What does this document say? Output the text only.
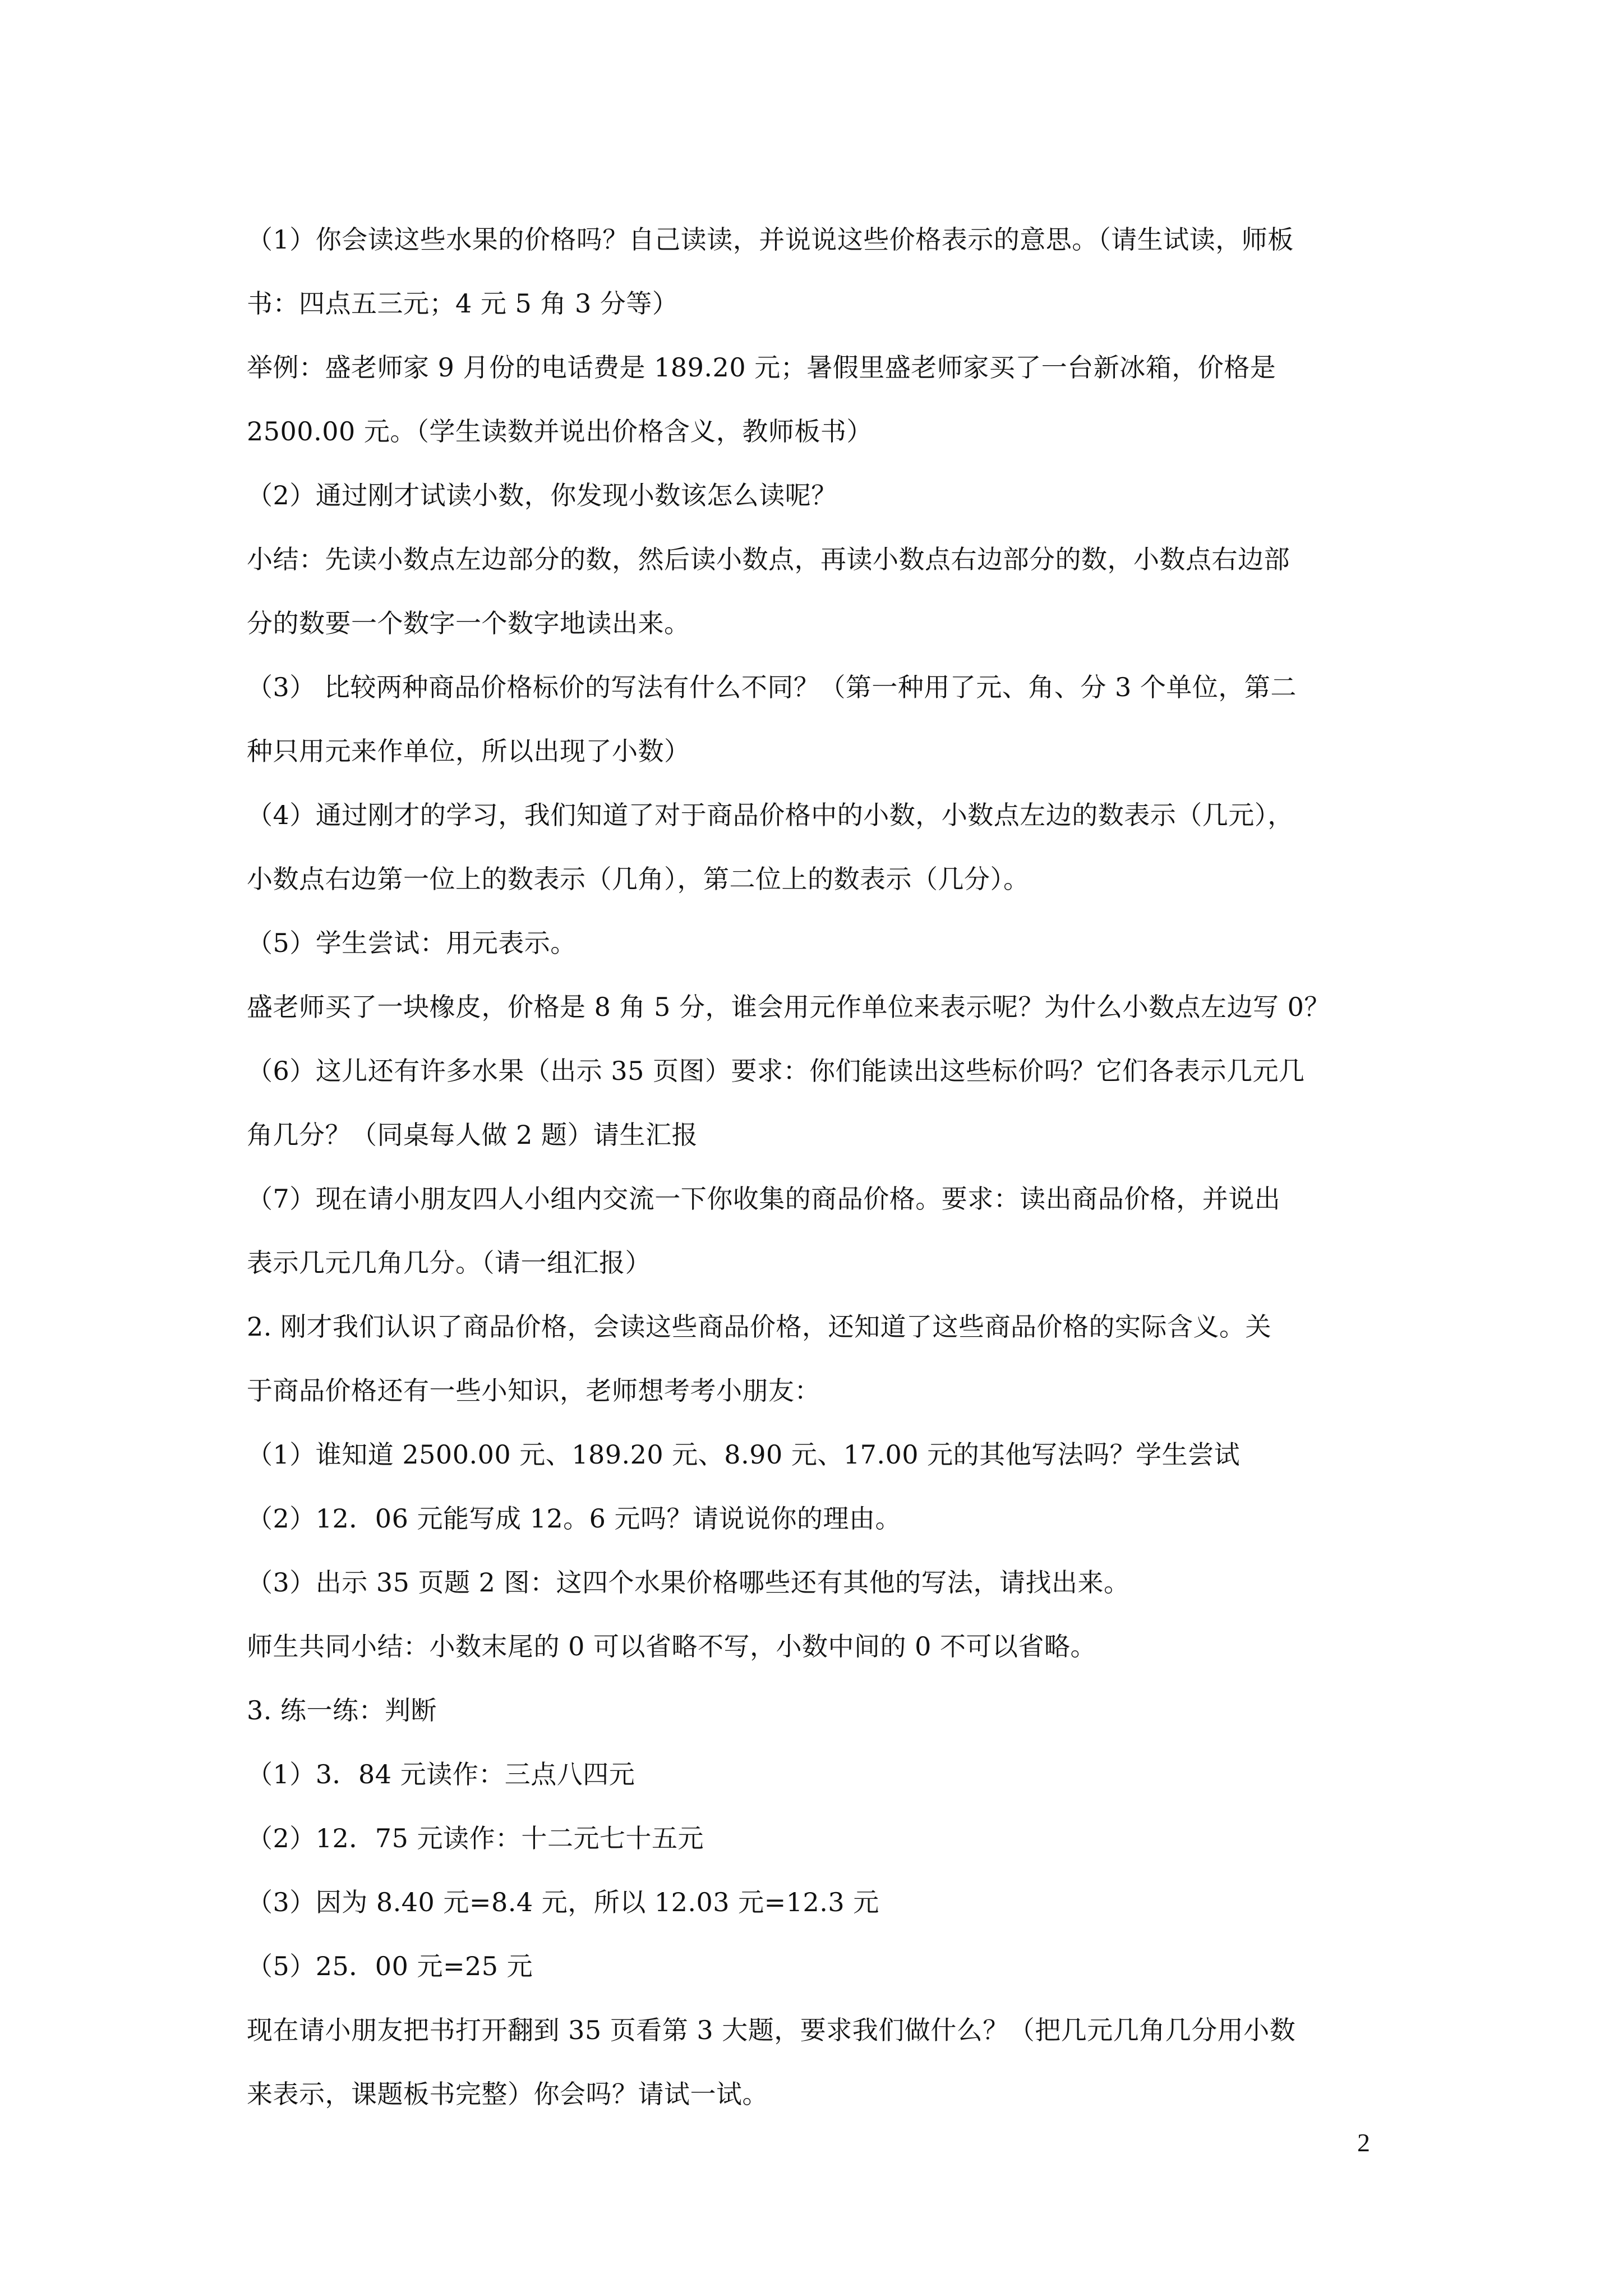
（1）你会读这些水果的价格吗？自己读读，并说说这些价格表示的意思。（请生试读，师板
书：四点五三元；4 元 5 角 3 分等）
举例：盛老师家 9 月份的电话费是 189.20 元；暑假里盛老师家买了一台新冰箱，价格是
2500.00 元。（学生读数并说出价格含义，教师板书）
（2）通过刚才试读小数，你发现小数该怎么读呢？
小结：先读小数点左边部分的数，然后读小数点，再读小数点右边部分的数，小数点右边部
分的数要一个数字一个数字地读出来。
（3） 比较两种商品价格标价的写法有什么不同？（第一种用了元、角、分 3 个单位，第二
种只用元来作单位，所以出现了小数）
（4）通过刚才的学习，我们知道了对于商品价格中的小数，小数点左边的数表示（几元），
小数点右边第一位上的数表示（几角），第二位上的数表示（几分）。
（5）学生尝试：用元表示。
盛老师买了一块橡皮，价格是 8 角 5 分，谁会用元作单位来表示呢？为什么小数点左边写 0？
（6）这儿还有许多水果（出示 35 页图）要求：你们能读出这些标价吗？它们各表示几元几
角几分？（同桌每人做 2 题）请生汇报
（7）现在请小朋友四人小组内交流一下你收集的商品价格。要求：读出商品价格，并说出
表示几元几角几分。（请一组汇报）
2. 刚才我们认识了商品价格，会读这些商品价格，还知道了这些商品价格的实际含义。关
于商品价格还有一些小知识，老师想考考小朋友：
（1）谁知道 2500.00 元、189.20 元、8.90 元、17.00 元的其他写法吗？学生尝试
（2）12．06 元能写成 12。6 元吗？请说说你的理由。
（3）出示 35 页题 2 图：这四个水果价格哪些还有其他的写法，请找出来。
师生共同小结：小数末尾的 0 可以省略不写，小数中间的 0 不可以省略。
3. 练一练：判断
（1）3．84 元读作：三点八四元
（2）12．75 元读作：十二元七十五元
（3）因为 8.40 元=8.4 元，所以 12.03 元=12.3 元
（5）25．00 元=25 元
现在请小朋友把书打开翻到 35 页看第 3 大题，要求我们做什么？（把几元几角几分用小数
来表示，课题板书完整）你会吗？请试一试。
2
